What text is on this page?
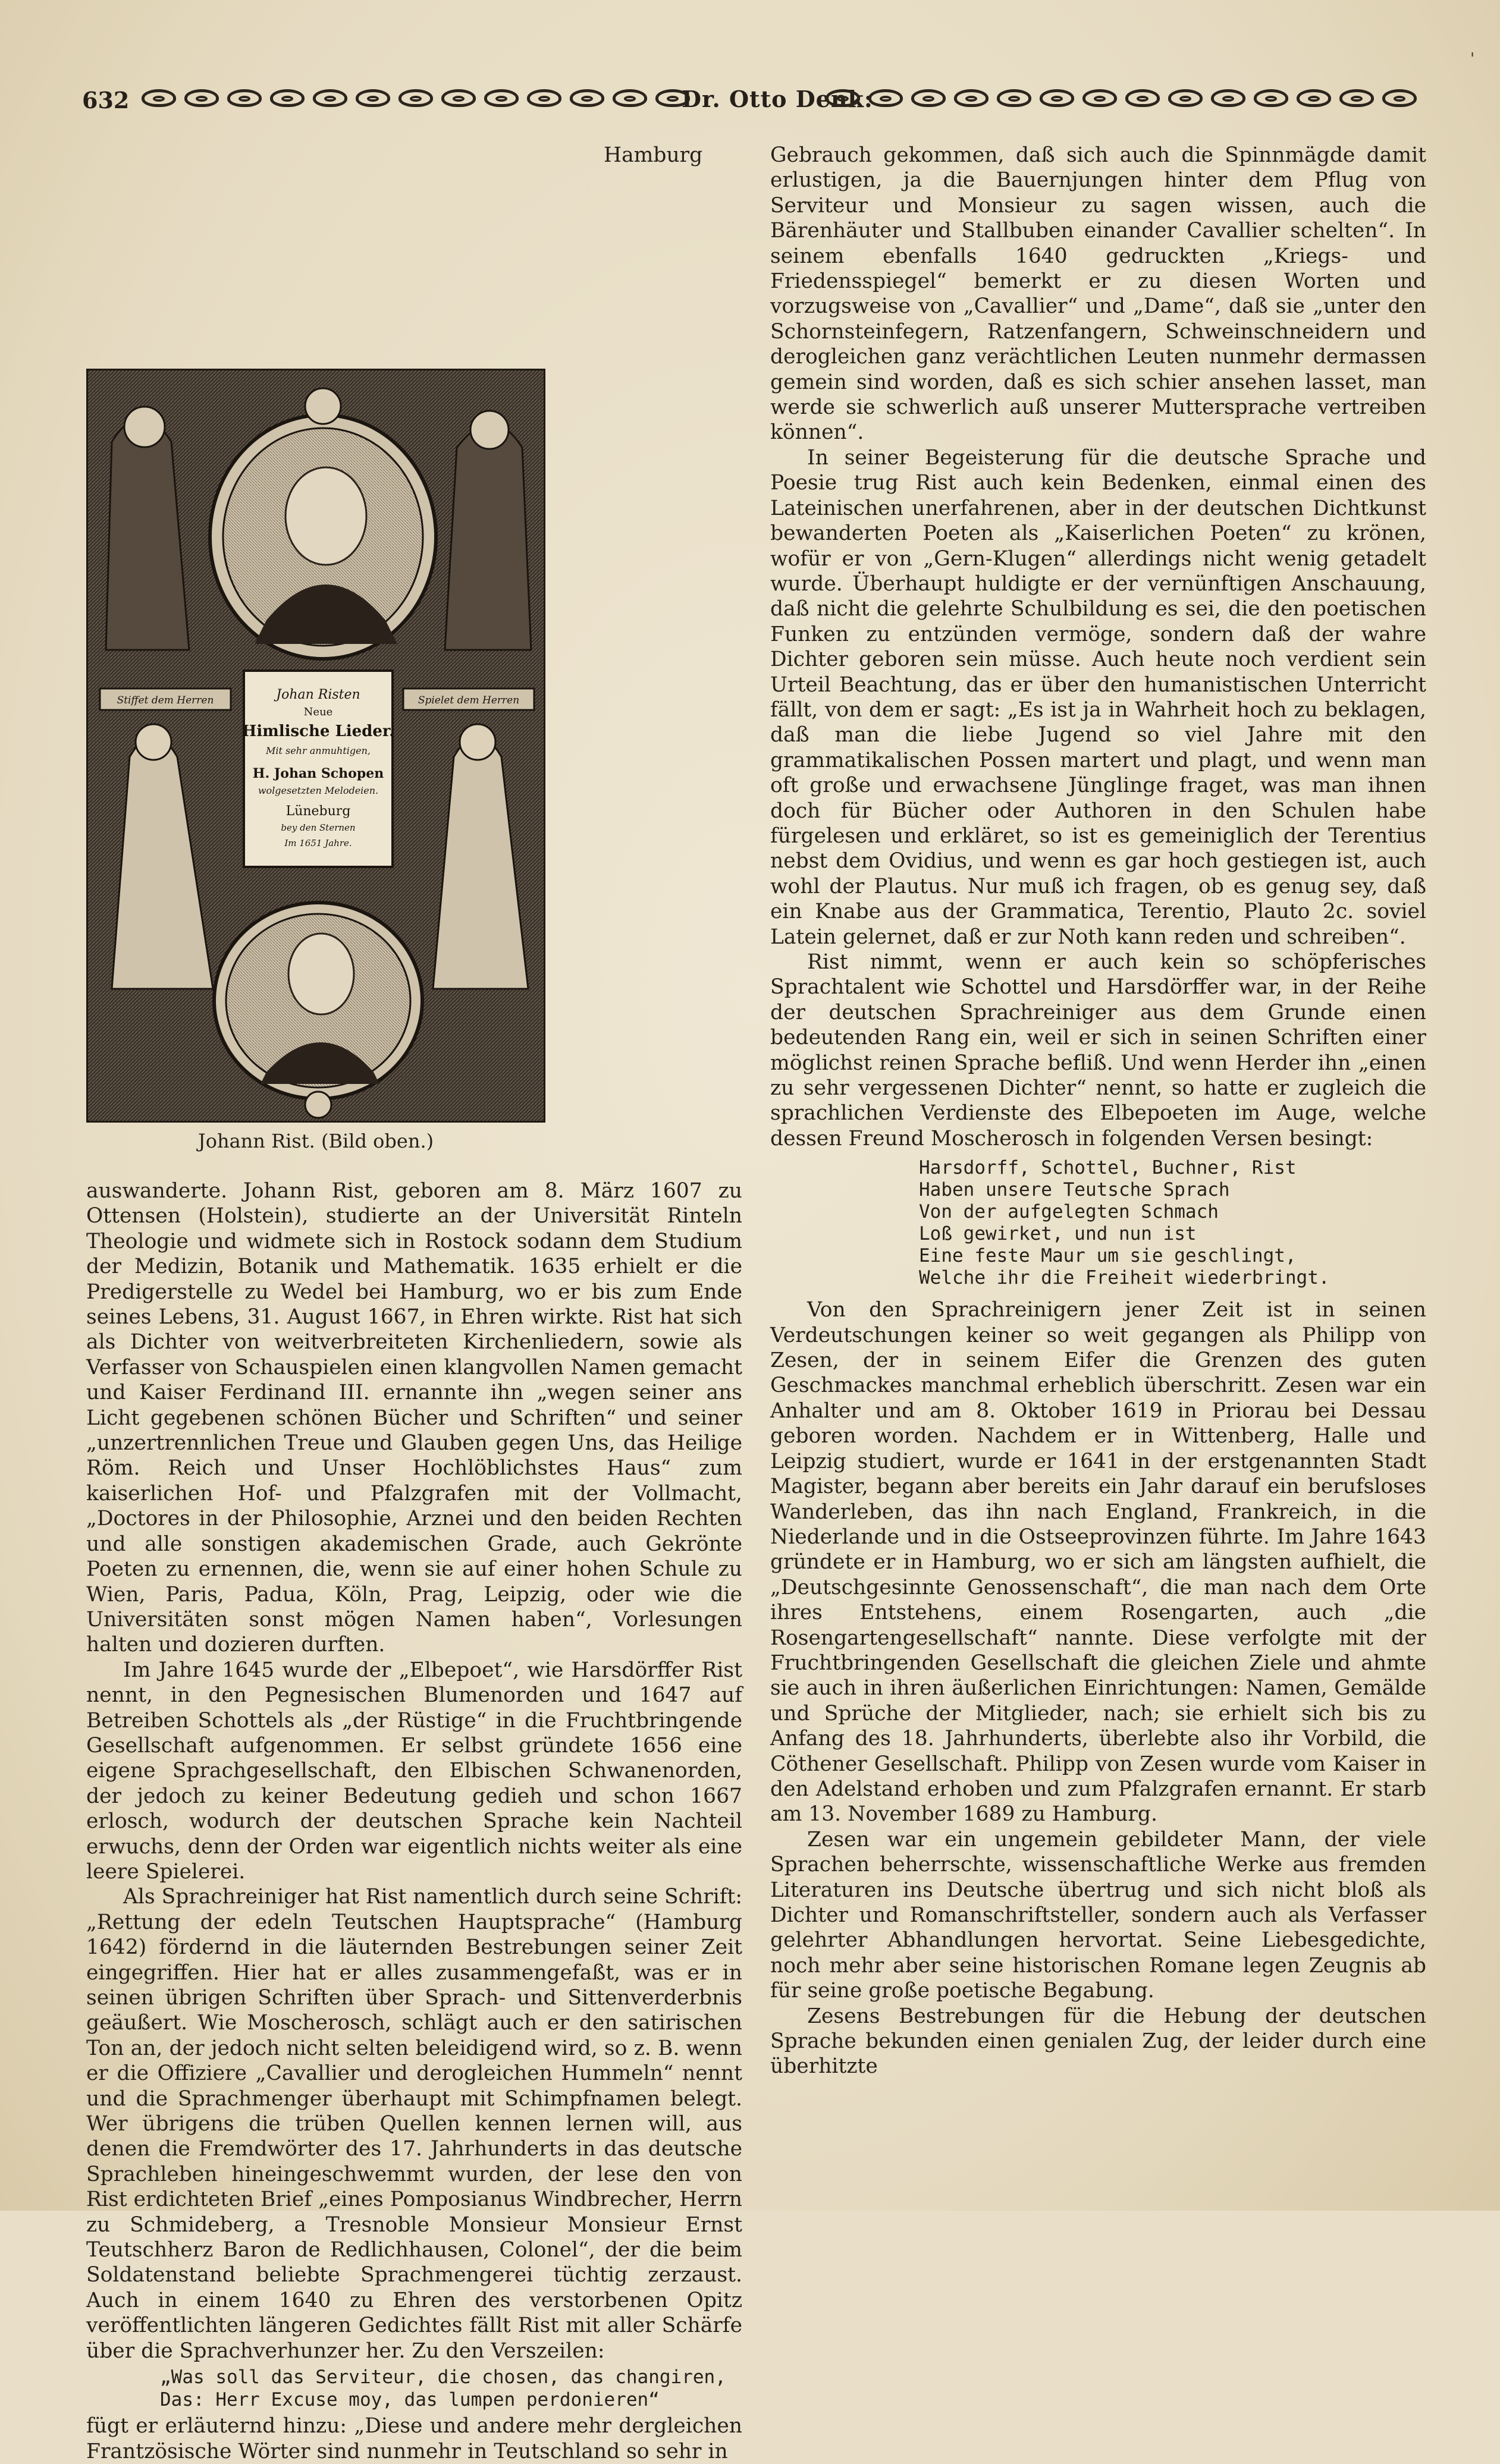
'
632	Dr. Otto Denk:

Hamburg auswanderte. Johann Rist, geboren am 8. März 1607 zu Ottensen (Holstein), studierte an der Universität Rinteln Theologie und widmete sich in Rostock sodann dem Studium der Medizin, Botanik und Mathematik. 1635 erhielt er die Predigerstelle zu Wedel bei Hamburg, wo er bis zum Ende seines Lebens, 31. August 1667, in Ehren wirkte. Rist hat sich als Dichter von weitverbreiteten Kirchenliedern, sowie als Verfasser von Schauspielen einen klangvollen Namen gemacht und Kaiser Ferdinand III. ernannte ihn „wegen seiner ans Licht gegebenen schönen Bücher und Schriften“ und seiner „unzertrennlichen Treue und Glauben gegen Uns, das Heilige Röm. Reich und Unser Hochlöblichstes Haus“ zum kaiserlichen Hof- und Pfalzgrafen mit der Vollmacht, „Doctores in der Philosophie, Arznei und den beiden Rechten und alle sonstigen akademischen Grade, auch Gekrönte Poeten zu ernennen, die, wenn sie auf einer hohen Schule zu Wien, Paris, Padua, Köln, Prag, Leipzig, oder wie die Universitäten sonst mögen Namen haben“, Vorlesungen halten und dozieren durften.

Im Jahre 1645 wurde der „Elbepoet“, wie Harsdörffer Rist nennt, in den Pegnesischen Blumenorden und 1647 auf Betreiben Schottels als „der Rüstige“ in die Fruchtbringende Gesellschaft aufgenommen. Er selbst gründete 1656 eine eigene Sprachgesellschaft, den Elbischen Schwanenorden, der jedoch zu keiner Bedeutung gedieh und schon 1667 erlosch, wodurch der deutschen Sprache kein Nachteil erwuchs, denn der Orden war eigentlich nichts weiter als eine leere Spielerei.

Als Sprachreiniger hat Rist namentlich durch seine Schrift: „Rettung der edeln Teutschen Hauptsprache“ (Hamburg 1642) fördernd in die läuternden Bestrebungen seiner Zeit eingegriffen. Hier hat er alles zusammengefaßt, was er in seinen übrigen Schriften über Sprach- und Sittenverderbnis geäußert. Wie Moscherosch, schlägt auch er den satirischen Ton an, der jedoch nicht selten beleidigend wird, so z. B. wenn er die Offiziere „Cavallier und derogleichen Hummeln“ nennt und die Sprachmenger überhaupt mit Schimpfnamen belegt. Wer übrigens die trüben Quellen kennen lernen will, aus denen die Fremdwörter des 17. Jahrhunderts in das deutsche Sprachleben hineingeschwemmt wurden, der lese den von Rist erdichteten Brief „eines Pomposianus Windbrecher, Herrn zu Schmideberg, a Tresnoble Monsieur Monsieur Ernst Teutschherz Baron de Redlichhausen, Colonel“, der die beim Soldatenstand beliebte Sprachmengerei tüchtig zerzaust. Auch in einem 1640 zu Ehren des verstorbenen Opitz veröffentlichten längeren Gedichtes fällt Rist mit aller Schärfe über die Sprachverhunzer her. Zu den Verszeilen:

„Was soll das Serviteur, die chosen, das changiren,
Das: Herr Excuse moy, das lumpen perdonieren“

fügt er erläuternd hinzu: „Diese und andere mehr dergleichen Frantzösische Wörter sind nunmehr in Teutschland so sehr in

Stiffet dem Herren	Spielet dem Herren
Johan Risten
Neue
Himlische Lieder.
Mit sehr anmuhtigen,
H. Johan Schopen
wolgesetzten Melodeien.
Lüneburg
bey den Sternen
Im 1651 Jahre.
Johann Rist. (Bild oben.)

Gebrauch gekommen, daß sich auch die Spinnmägde damit erlustigen, ja die Bauernjungen hinter dem Pflug von Serviteur und Monsieur zu sagen wissen, auch die Bärenhäuter und Stallbuben einander Cavallier schelten“. In seinem ebenfalls 1640 gedruckten „Kriegs- und Friedensspiegel“ bemerkt er zu diesen Worten und vorzugsweise von „Cavallier“ und „Dame“, daß sie „unter den Schornsteinfegern, Ratzenfangern, Schweinschneidern und derogleichen ganz verächtlichen Leuten nunmehr dermassen gemein sind worden, daß es sich schier ansehen lasset, man werde sie schwerlich auß unserer Muttersprache vertreiben können“.

In seiner Begeisterung für die deutsche Sprache und Poesie trug Rist auch kein Bedenken, einmal einen des Lateinischen unerfahrenen, aber in der deutschen Dichtkunst bewanderten Poeten als „Kaiserlichen Poeten“ zu krönen, wofür er von „Gern-Klugen“ allerdings nicht wenig getadelt wurde. Überhaupt huldigte er der vernünftigen Anschauung, daß nicht die gelehrte Schulbildung es sei, die den poetischen Funken zu entzünden vermöge, sondern daß der wahre Dichter geboren sein müsse. Auch heute noch verdient sein Urteil Beachtung, das er über den humanistischen Unterricht fällt, von dem er sagt: „Es ist ja in Wahrheit hoch zu beklagen, daß man die liebe Jugend so viel Jahre mit den grammatikalischen Possen martert und plagt, und wenn man oft große und erwachsene Jünglinge fraget, was man ihnen doch für Bücher oder Authoren in den Schulen habe fürgelesen und erkläret, so ist es gemeiniglich der Terentius nebst dem Ovidius, und wenn es gar hoch gestiegen ist, auch wohl der Plautus. Nur muß ich fragen, ob es genug sey, daß ein Knabe aus der Grammatica, Terentio, Plauto 2c. soviel Latein gelernet, daß er zur Noth kann reden und schreiben“.

Rist nimmt, wenn er auch kein so schöpferisches Sprachtalent wie Schottel und Harsdörffer war, in der Reihe der deutschen Sprachreiniger aus dem Grunde einen bedeutenden Rang ein, weil er sich in seinen Schriften einer möglichst reinen Sprache befliß. Und wenn Herder ihn „einen zu sehr vergessenen Dichter“ nennt, so hatte er zugleich die sprachlichen Verdienste des Elbepoeten im Auge, welche dessen Freund Moscherosch in folgenden Versen besingt:

Harsdorff, Schottel, Buchner, Rist
Haben unsere Teutsche Sprach
Von der aufgelegten Schmach
Loß gewirket, und nun ist
Eine feste Maur um sie geschlingt,
Welche ihr die Freiheit wiederbringt.

Von den Sprachreinigern jener Zeit ist in seinen Verdeutschungen keiner so weit gegangen als Philipp von Zesen, der in seinem Eifer die Grenzen des guten Geschmackes manchmal erheblich überschritt. Zesen war ein Anhalter und am 8. Oktober 1619 in Priorau bei Dessau geboren worden. Nachdem er in Wittenberg, Halle und Leipzig studiert, wurde er 1641 in der erstgenannten Stadt Magister, begann aber bereits ein Jahr darauf ein berufsloses Wanderleben, das ihn nach England, Frankreich, in die Niederlande und in die Ostseeprovinzen führte. Im Jahre 1643 gründete er in Hamburg, wo er sich am längsten aufhielt, die „Deutschgesinnte Genossenschaft“, die man nach dem Orte ihres Entstehens, einem Rosengarten, auch „die Rosengartengesellschaft“ nannte. Diese verfolgte mit der Fruchtbringenden Gesellschaft die gleichen Ziele und ahmte sie auch in ihren äußerlichen Einrichtungen: Namen, Gemälde und Sprüche der Mitglieder, nach; sie erhielt sich bis zu Anfang des 18. Jahrhunderts, überlebte also ihr Vorbild, die Cöthener Gesellschaft. Philipp von Zesen wurde vom Kaiser in den Adelstand erhoben und zum Pfalzgrafen ernannt. Er starb am 13. November 1689 zu Hamburg.

Zesen war ein ungemein gebildeter Mann, der viele Sprachen beherrschte, wissenschaftliche Werke aus fremden Literaturen ins Deutsche übertrug und sich nicht bloß als Dichter und Romanschriftsteller, sondern auch als Verfasser gelehrter Abhandlungen hervortat. Seine Liebesgedichte, noch mehr aber seine historischen Romane legen Zeugnis ab für seine große poetische Begabung.

Zesens Bestrebungen für die Hebung der deutschen Sprache bekunden einen genialen Zug, der leider durch eine überhitzte
